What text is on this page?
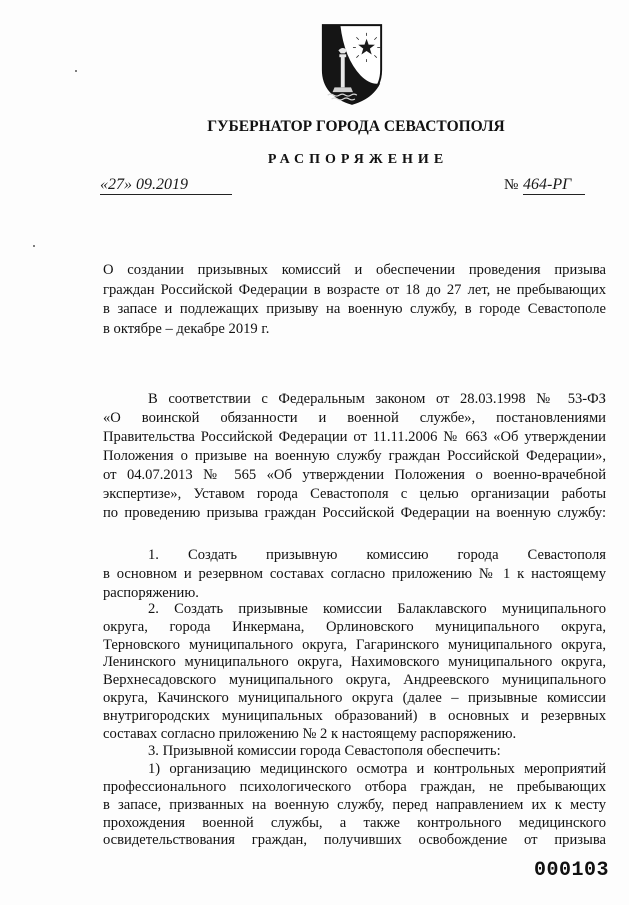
ГУБЕРНАТОР ГОРОДА СЕВАСТОПОЛЯ
РАСПОРЯЖЕНИЕ
«27» 09.2019	№ 464-РГ
О создании призывных комиссий и обеспечении проведения призыва
граждан Российской Федерации в возрасте от 18 до 27 лет, не пребывающих
в запасе и подлежащих призыву на военную службу, в городе Севастополе
в октябре – декабре 2019 г.
В соответствии с Федеральным законом от 28.03.1998 № 53-ФЗ
«О воинской обязанности и военной службе», постановлениями
Правительства Российской Федерации от 11.11.2006 № 663 «Об утверждении
Положения о призыве на военную службу граждан Российской Федерации»,
от 04.07.2013 № 565 «Об утверждении Положения о военно-врачебной
экспертизе», Уставом города Севастополя с целью организации работы
по проведению призыва граждан Российской Федерации на военную службу:
1. Создать призывную комиссию города Севастополя
в основном и резервном составах согласно приложению № 1 к настоящему
распоряжению.
2. Создать призывные комиссии Балаклавского муниципального
округа, города Инкермана, Орлиновского муниципального округа,
Терновского муниципального округа, Гагаринского муниципального округа,
Ленинского муниципального округа, Нахимовского муниципального округа,
Верхнесадовского муниципального округа, Андреевского муниципального
округа, Качинского муниципального округа (далее – призывные комиссии
внутригородских муниципальных образований) в основных и резервных
составах согласно приложению № 2 к настоящему распоряжению.
3. Призывной комиссии города Севастополя обеспечить:
1) организацию медицинского осмотра и контрольных мероприятий
профессионального психологического отбора граждан, не пребывающих
в запасе, призванных на военную службу, перед направлением их к месту
прохождения военной службы, а также контрольного медицинского
освидетельствования граждан, получивших освобождение от призыва
000103
